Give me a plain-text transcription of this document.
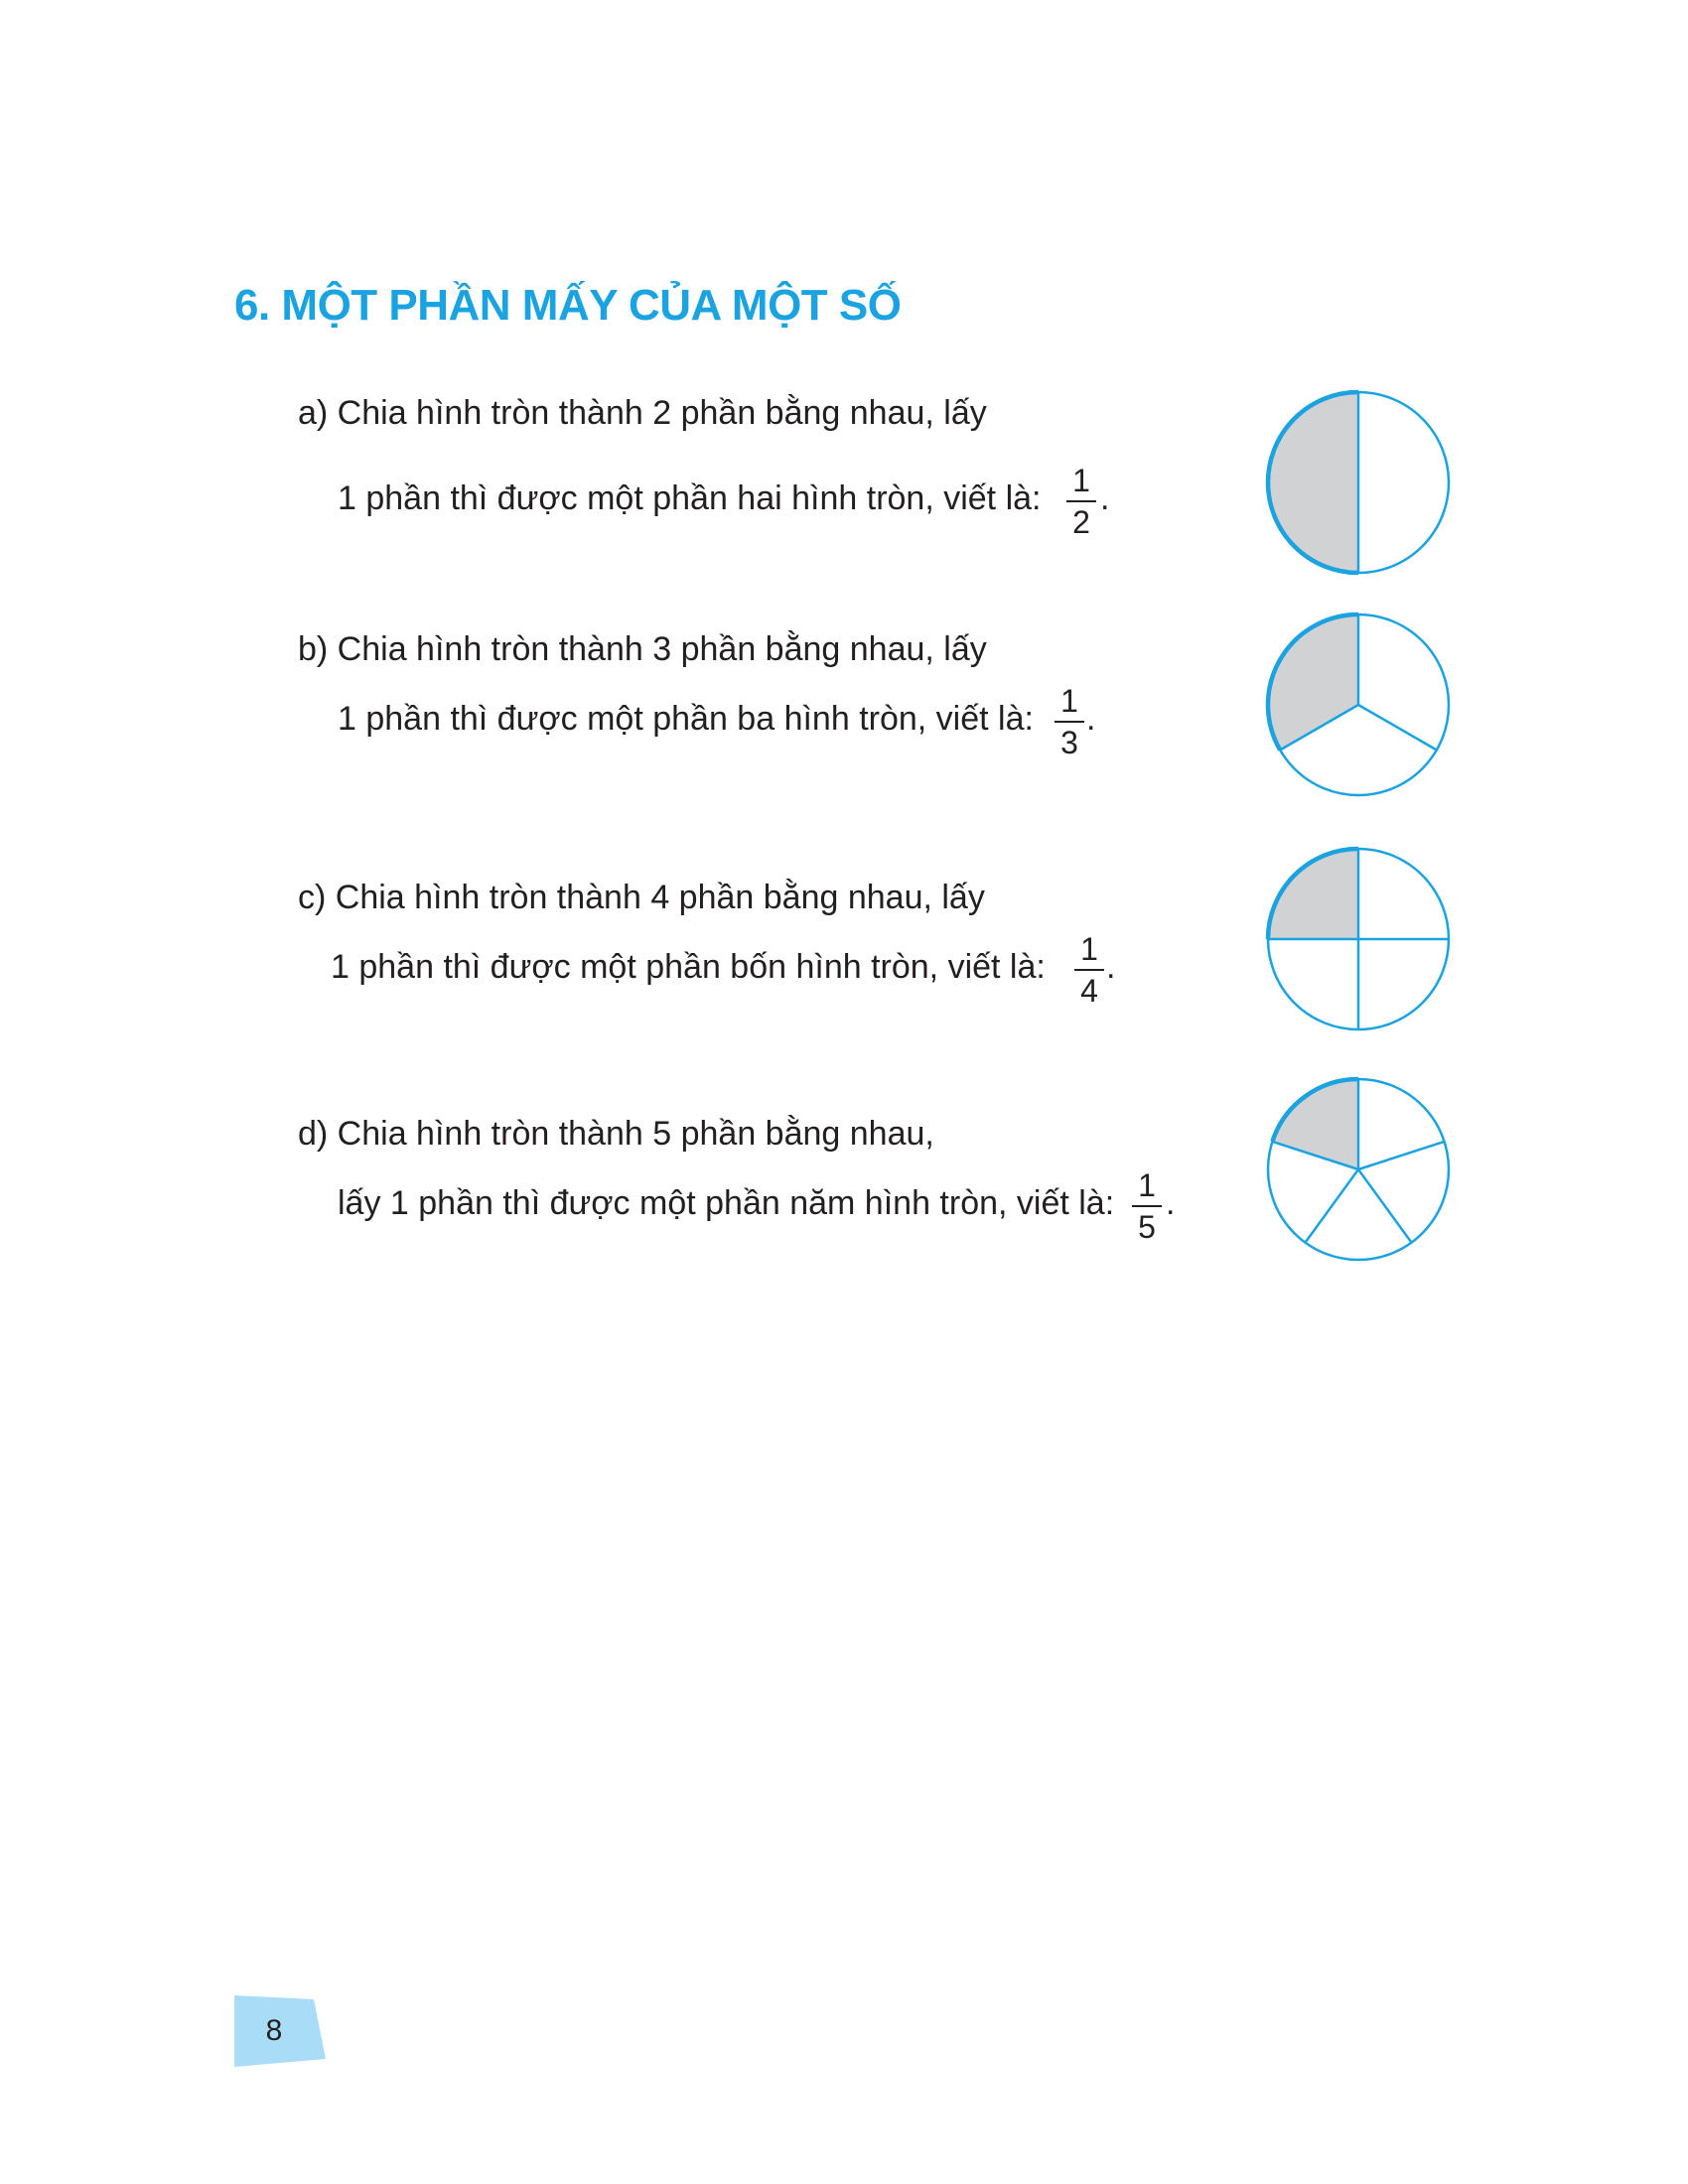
6. MỘT PHẦN MẤY CỦA MỘT SỐ
a) Chia hình tròn thành 2 phần bằng nhau, lấy
1 phần thì được một phần hai hình tròn, viết là: 1
2
.
b) Chia hình tròn thành 3 phần bằng nhau, lấy
1 phần thì được một phần ba hình tròn, viết là: 1
3
.
c) Chia hình tròn thành 4 phần bằng nhau, lấy
1 phần thì được một phần bốn hình tròn, viết là: 1
4
.
d) Chia hình tròn thành 5 phần bằng nhau,
lấy 1 phần thì được một phần năm hình tròn, viết là: 1
5
.
8
